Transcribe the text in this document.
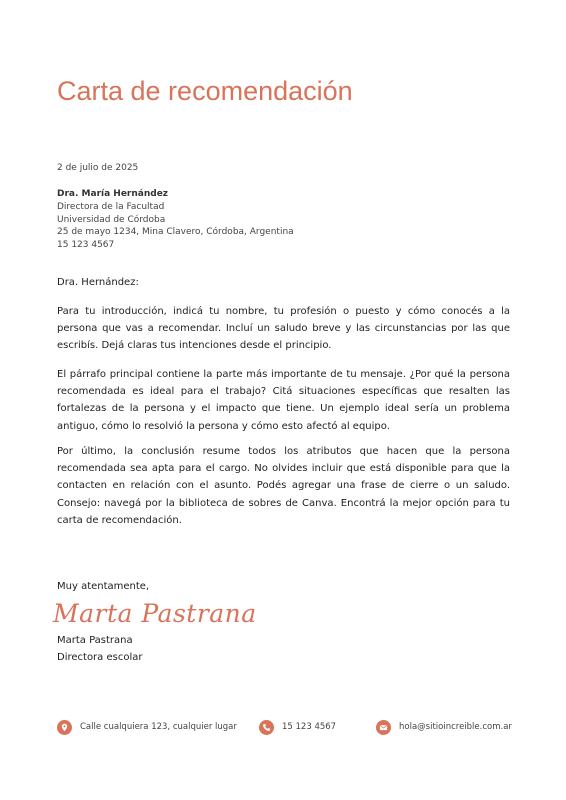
Carta de recomendación
2 de julio de 2025
Dra. María Hernández
Directora de la Facultad
Universidad de Córdoba
25 de mayo 1234, Mina Clavero, Córdoba, Argentina
15 123 4567
Dra. Hernández:

Para tu introducción, indicá tu nombre, tu profesión o puesto y cómo conocés a la persona que vas a recomendar. Incluí un saludo breve y las circunstancias por las que escribís. Dejá claras tus intenciones desde el principio.

El párrafo principal contiene la parte más importante de tu mensaje. ¿Por qué la persona recomendada es ideal para el trabajo? Citá situaciones específicas que resalten las fortalezas de la persona y el impacto que tiene. Un ejemplo ideal sería un problema antiguo, cómo lo resolvió la persona y cómo esto afectó al equipo.

Por último, la conclusión resume todos los atributos que hacen que la persona recomendada sea apta para el cargo. No olvides incluir que está disponible para que la contacten en relación con el asunto. Podés agregar una frase de cierre o un saludo. Consejo: navegá por la biblioteca de sobres de Canva. Encontrá la mejor opción para tu carta de recomendación.

Muy atentamente,
Marta Pastrana
Marta Pastrana
Directora escolar
Calle cualquiera 123, cualquier lugar	15 123 4567	hola@sitioincreible.com.ar
